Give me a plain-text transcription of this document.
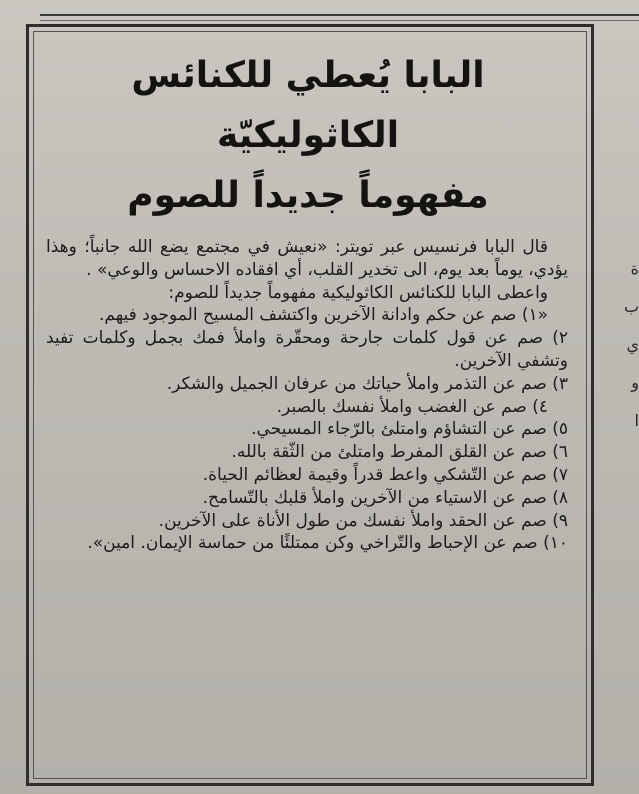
ة
ب
ي
و
ا
البابا يُعطي للكنائس الكاثوليكيّة
مفهوماً جديداً للصوم

قال البابا فرنسيس عبر تويتر: «نعيش في مجتمع يضع الله جانباً؛ وهذا يؤدي، يوماً بعد يوم، الى تخدير القلب، أي افقاده الاحساس والوعي» .

واعطى البابا للكنائس الكاثوليكية مفهوماً جديداً للصوم:

«١) صم عن حكم وادانة الآخرين واكتشف المسيح الموجود فيهم.

٢) صم عن قول كلمات جارحة ومحقّرة واملأ فمك بجمل وكلمات تفيد وتشفي الآخرين.

٣) صم عن التذمر واملأ حياتك من عرفان الجميل والشكر.

٤) صم عن الغضب واملأ نفسك بالصبر.

٥) صم عن التشاؤم وامتلئ بالرّجاء المسيحي.

٦) صم عن القلق المفرط وامتلئ من الثّقة بالله.

٧) صم عن التّشكي واعط قدراً وقيمة لعظائم الحياة.

٨) صم عن الاستياء من الآخرين واملأ قلبك بالتّسامح.

٩) صم عن الحقد واملأ نفسك من طول الأناة على الآخرين.

١٠) صم عن الإحباط والتّراخي وكن ممتلئًا من حماسة الإيمان. امين».
